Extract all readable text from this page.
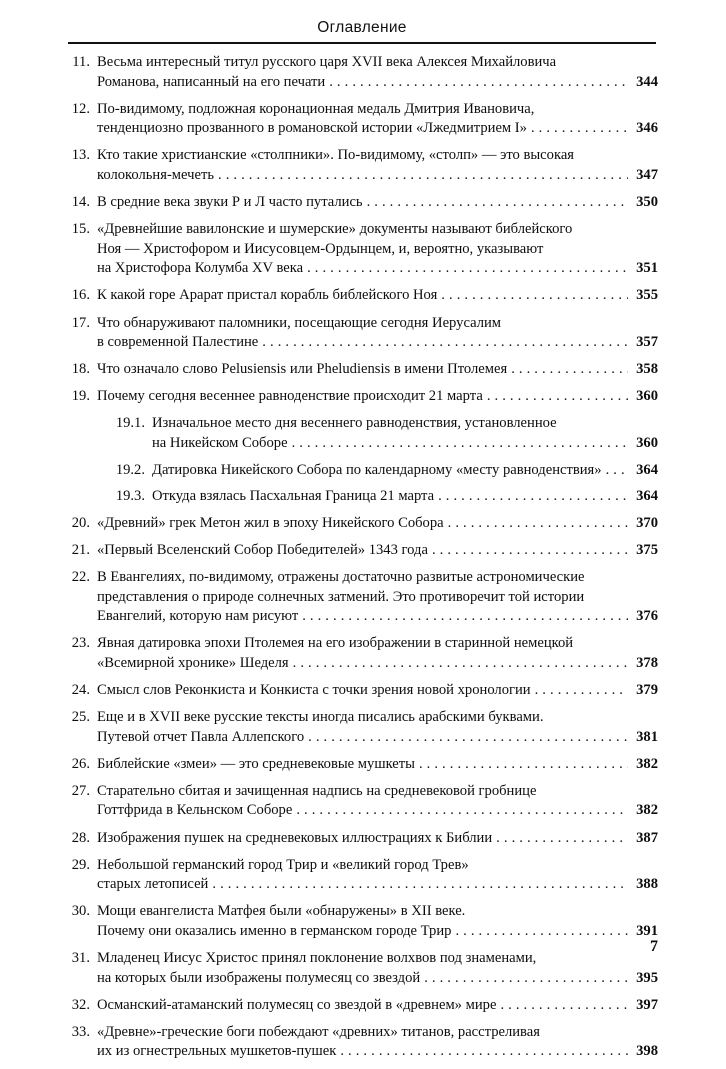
Оглавление
11. Весьма интересный титул русского царя XVII века Алексея Михайловича
Романова, написанный на его печати . . .	344
12. По-видимому, подложная коронационная медаль Дмитрия Ивановича,
тенденциозно прозванного в романовской истории «Лжедмитрием I» . . .	346
13. Кто такие христианские «столпники». По-видимому, «столп» — это высокая
колокольня-мечеть . . .	347
14. В средние века звуки Р и Л часто путались . . .	350
15. «Древнейшие вавилонские и шумерские» документы называют библейского
Ноя — Христофором и Иисусовцем-Ордынцем, и, вероятно, указывают
на Христофора Колумба XV века . . .	351
16. К какой горе Арарат пристал корабль библейского Ноя . . .	355
17. Что обнаруживают паломники, посещающие сегодня Иерусалим
в современной Палестине . . .	357
18. Что означало слово Pelusiensis или Pheludiensis в имени Птолемея . . .	358
19. Почему сегодня весеннее равноденствие происходит 21 марта . . .	360
19.1. Изначальное место дня весеннего равноденствия, установленное
на Никейском Соборе . . .	360
19.2. Датировка Никейского Собора по календарному «месту равноденствия» . . .	364
19.3. Откуда взялась Пасхальная Граница 21 марта . . .	364
20. «Древний» грек Метон жил в эпоху Никейского Собора . . .	370
21. «Первый Вселенский Собор Победителей» 1343 года . . .	375
22. В Евангелиях, по-видимому, отражены достаточно развитые астрономические
представления о природе солнечных затмений. Это противоречит той истории
Евангелий, которую нам рисуют . . .	376
23. Явная датировка эпохи Птолемея на его изображении в старинной немецкой
«Всемирной хронике» Шеделя . . .	378
24. Смысл слов Реконкиста и Конкиста с точки зрения новой хронологии . . .	379
25. Еще и в XVII веке русские тексты иногда писались арабскими буквами.
Путевой отчет Павла Аллепского . . .	381
26. Библейские «змеи» — это средневековые мушкеты . . .	382
27. Старательно сбитая и зачищенная надпись на средневековой гробнице
Готтфрида в Кельнском Соборе . . .	382
28. Изображения пушек на средневековых иллюстрациях к Библии . . .	387
29. Небольшой германский город Трир и «великий город Трев»
старых летописей . . .	388
30. Мощи евангелиста Матфея были «обнаружены» в XII веке.
Почему они оказались именно в германском городе Трир . . .	391
31. Младенец Иисус Христос принял поклонение волхвов под знаменами,
на которых были изображены полумесяц со звездой . . .	395
32. Османский-атаманский полумесяц со звездой в «древнем» мире . . .	397
33. «Древне»-греческие боги побеждают «древних» титанов, расстреливая
их из огнестрельных мушкетов-пушек . . .	398
7
